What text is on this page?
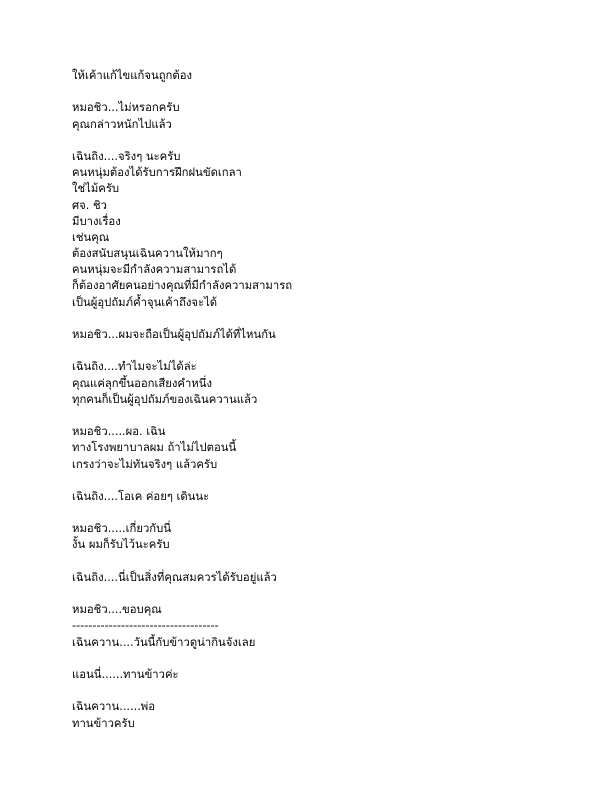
ให้เค้าแก้ไขแก้จนถูกต้อง
หมอชิว...ไม่หรอกครับ
คุณกล่าวหนักไปแล้ว
เฉินถิง....จริงๆ นะครับ
คนหนุ่มต้องได้รับการฝึกฝนขัดเกลา
ใช่ไม้ครับ
ศจ. ชิว
มีบางเรื่อง
เช่นคุณ
ต้องสนับสนุนเฉินควานให้มากๆ
คนหนุ่มจะมีกำลังความสามารถได้
ก็ต้องอาศัยคนอย่างคุณที่มีกำลังความสามารถ
เป็นผู้อุปถัมภ์ค้ำจุนเค้าถึงจะได้
หมอชิว...ผมจะถือเป็นผู้อุปถัมภ์ได้ที่ไหนกัน
เฉินถิง....ทำไมจะไม่ได้ล่ะ
คุณแค่ลุกขึ้นออกเสียงคำหนึ่ง
ทุกคนก็เป็นผู้อุปถัมภ์ของเฉินควานแล้ว
หมอชิว.....ผอ. เฉิน
ทางโรงพยาบาลผม ถ้าไม่ไปตอนนี้
เกรงว่าจะไม่ทันจริงๆ แล้วครับ
เฉินถิง....โอเค ค่อยๆ เดินนะ
หมอชิว.....เกี่ยวกับนี่
งั้น ผมก็รับไว้นะครับ
เฉินถิง....นี่เป็นสิ่งที่คุณสมควรได้รับอยู่แล้ว
หมอชิว....ขอบคุณ
------------------------------------
เฉินควาน....วันนี้กับข้าวดูน่ากินจังเลย
แอนนี่......ทานข้าวค่ะ
เฉินควาน......พ่อ
ทานข้าวครับ
